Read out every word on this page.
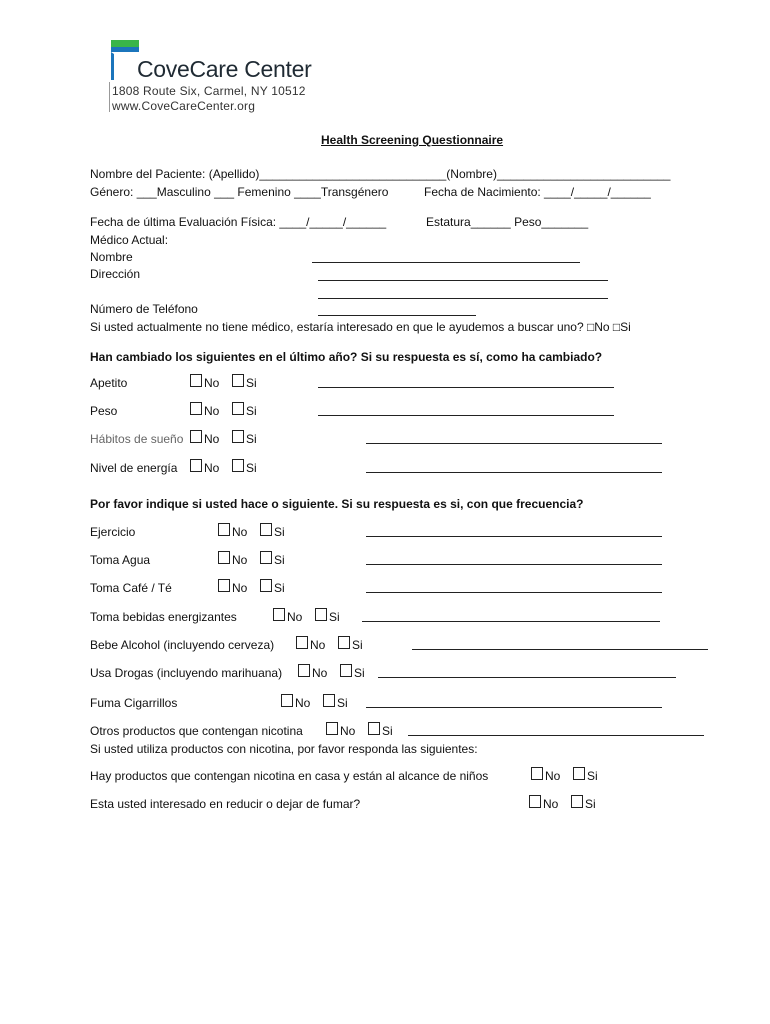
CoveCare Center
1808 Route Six, Carmel, NY 10512
www.CoveCareCenter.org
Health Screening Questionnaire
Nombre del Paciente: (Apellido)____________________________(Nombre)__________________________
Género: ___Masculino ___ Femenino ____Transgénero	Fecha de Nacimiento: ____/_____/______
Fecha de última Evaluación Física: ____/_____/______	Estatura______ Peso_______
Médico Actual:
Nombre
Dirección
Número de Teléfono
Si usted actualmente no tiene médico, estaría interesado en que le ayudemos a buscar uno? □No □Si
Han cambiado los siguientes en el último año? Si su respuesta es sí, como ha cambiado?
Apetito	No Si
Peso	No Si
Hábitos de sueño No Si
Nivel de energía No Si
Por favor indique si usted hace o siguiente. Si su respuesta es si, con que frecuencia?
Ejercicio	No Si
Toma Agua	No Si
Toma Café / Té	No Si
Toma bebidas energizantes	No Si
Bebe Alcohol (incluyendo cerveza)	No Si
Usa Drogas (incluyendo marihuana) No Si
Fuma Cigarrillos	No Si
Otros productos que contengan nicotina	No Si
Si usted utiliza productos con nicotina, por favor responda las siguientes:
Hay productos que contengan nicotina en casa y están al alcance de niños	No Si
Esta usted interesado en reducir o dejar de fumar?	No Si
